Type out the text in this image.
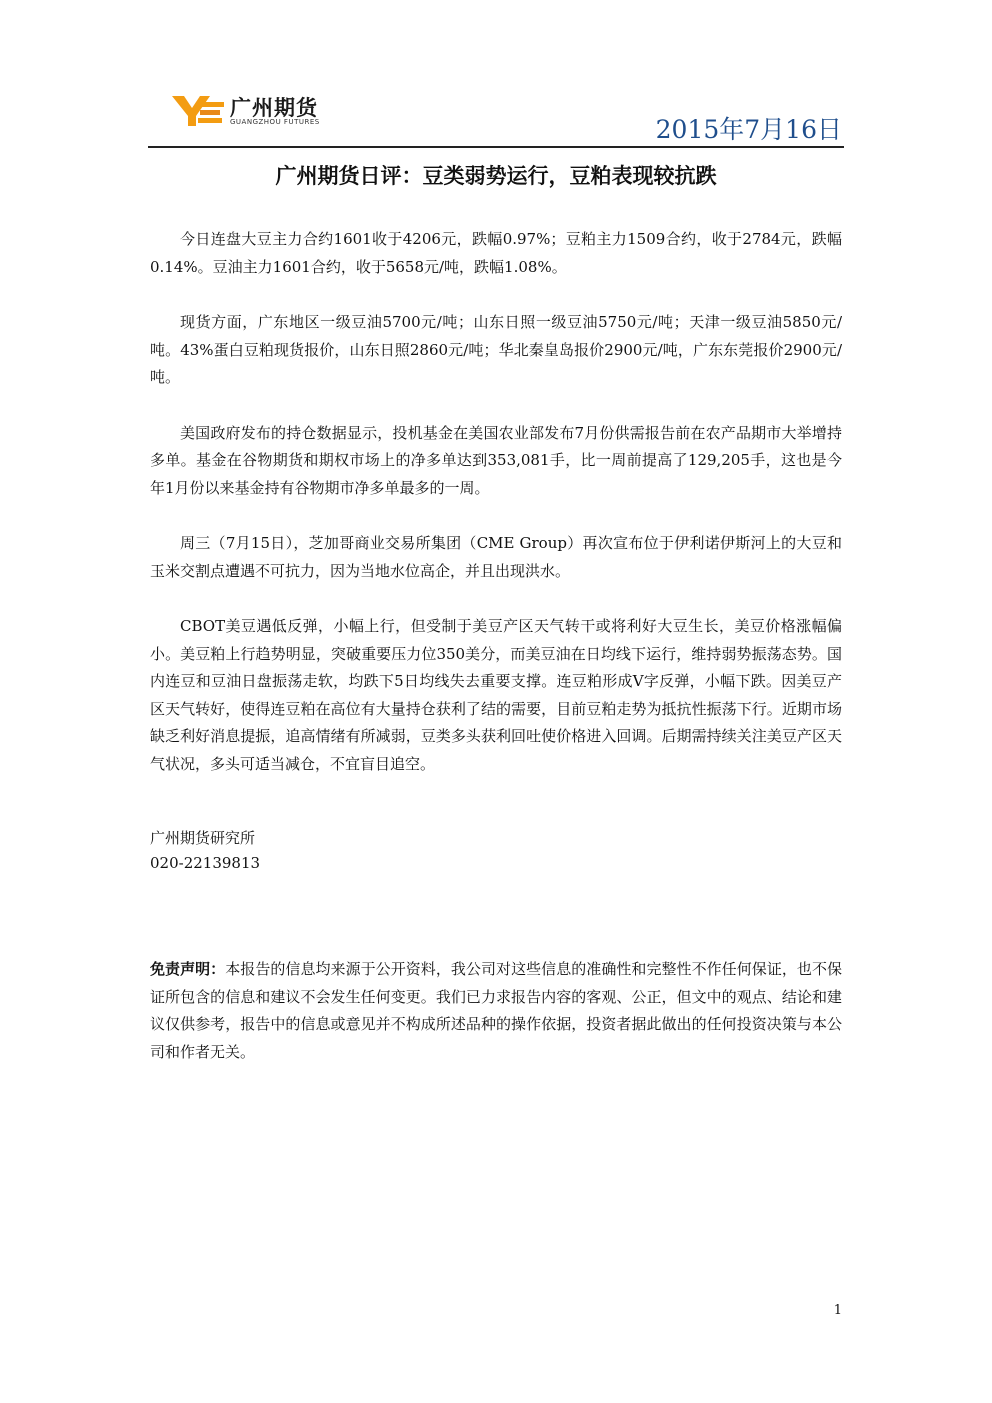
广州期货
GUANGZHOU FUTURES	2015年7月16日
广州期货日评：豆类弱势运行，豆粕表现较抗跌

今日连盘大豆主力合约1601收于4206元，跌幅0.97%；豆粕主力1509合约，收于2784元，跌幅0.14%。豆油主力1601合约，收于5658元/吨，跌幅1.08%。

现货方面，广东地区一级豆油5700元/吨；山东日照一级豆油5750元/吨；天津一级豆油5850元/吨。43%蛋白豆粕现货报价，山东日照2860元/吨；华北秦皇岛报价2900元/吨，广东东莞报价2900元/吨。

美国政府发布的持仓数据显示，投机基金在美国农业部发布7月份供需报告前在农产品期市大举增持多单。基金在谷物期货和期权市场上的净多单达到353,081手，比一周前提高了129,205手，这也是今年1月份以来基金持有谷物期市净多单最多的一周。

周三（7月15日），芝加哥商业交易所集团（CME Group）再次宣布位于伊利诺伊斯河上的大豆和玉米交割点遭遇不可抗力，因为当地水位高企，并且出现洪水。

CBOT美豆遇低反弹，小幅上行，但受制于美豆产区天气转干或将利好大豆生长，美豆价格涨幅偏小。美豆粕上行趋势明显，突破重要压力位350美分，而美豆油在日均线下运行，维持弱势振荡态势。国内连豆和豆油日盘振荡走软，均跌下5日均线失去重要支撑。连豆粕形成V字反弹，小幅下跌。因美豆产区天气转好，使得连豆粕在高位有大量持仓获利了结的需要，目前豆粕走势为抵抗性振荡下行。近期市场缺乏利好消息提振，追高情绪有所减弱，豆类多头获利回吐使价格进入回调。后期需持续关注美豆产区天气状况，多头可适当减仓，不宜盲目追空。

广州期货研究所
020-22139813
免责声明：本报告的信息均来源于公开资料，我公司对这些信息的准确性和完整性不作任何保证，也不保证所包含的信息和建议不会发生任何变更。我们已力求报告内容的客观、公正，但文中的观点、结论和建议仅供参考，报告中的信息或意见并不构成所述品种的操作依据，投资者据此做出的任何投资决策与本公司和作者无关。
1
